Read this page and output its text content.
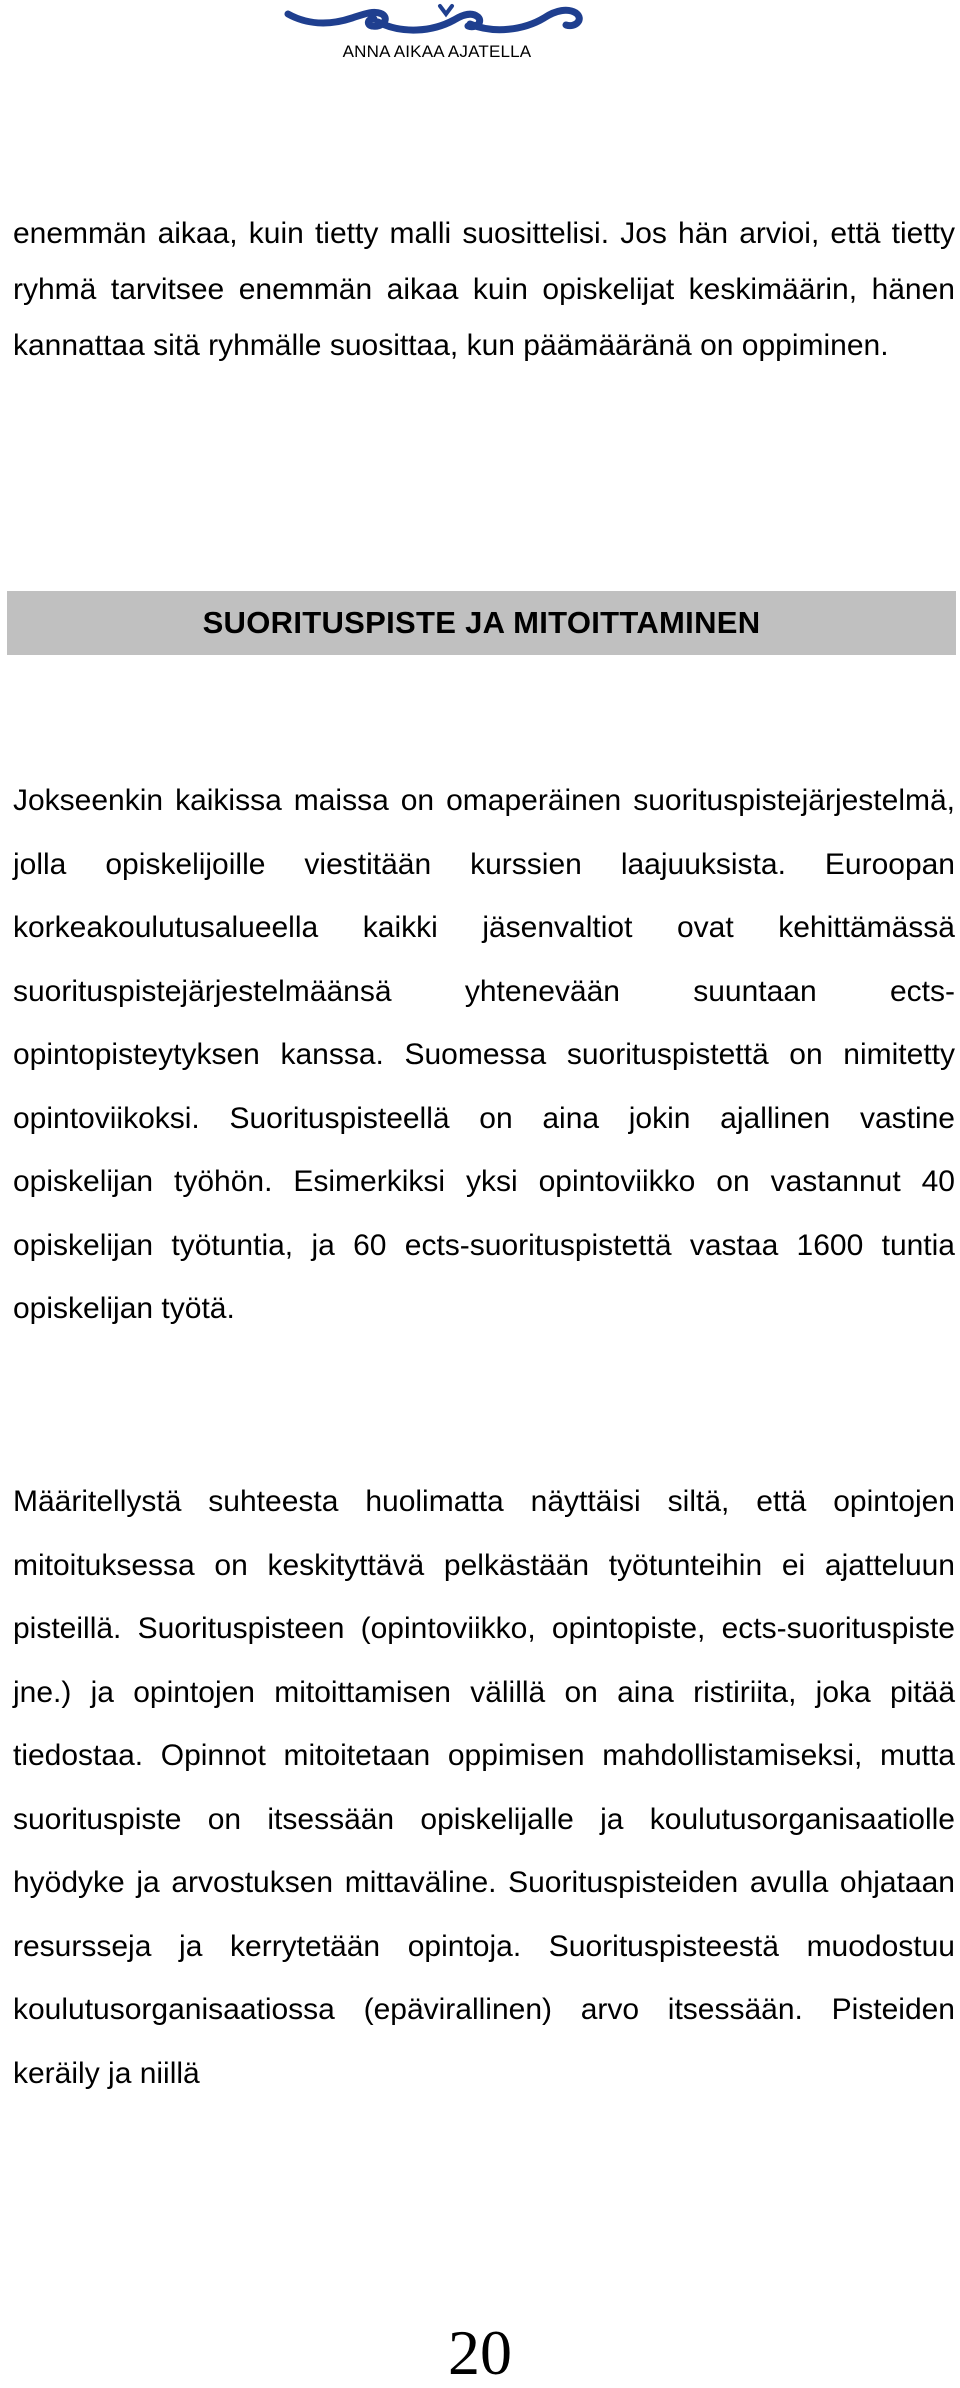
ANNA AIKAA AJATELLA

enemmän aikaa, kuin tietty malli suosittelisi. Jos hän arvioi, että tietty ryhmä tarvitsee enemmän aikaa kuin opiskelijat keskimäärin, hänen kannattaa sitä ryhmälle suosittaa, kun päämääränä on oppiminen.

SUORITUSPISTE JA MITOITTAMINEN

Jokseenkin kaikissa maissa on omaperäinen suorituspistejärjestelmä, jolla opiskelijoille viestitään kurssien laajuuksista. Euroopan korkeakoulutusalueella kaikki jäsenvaltiot ovat kehittämässä suorituspistejärjestelmäänsä yhtenevään suuntaan ects-opintopisteytyksen kanssa. Suomessa suorituspistettä on nimitetty opintoviikoksi. Suorituspisteellä on aina jokin ajallinen vastine opiskelijan työhön. Esimerkiksi yksi opintoviikko on vastannut 40 opiskelijan työtuntia, ja 60 ects-suorituspistettä vastaa 1600 tuntia opiskelijan työtä.

Määritellystä suhteesta huolimatta näyttäisi siltä, että opintojen mitoituksessa on keskityttävä pelkästään työtunteihin ei ajatteluun pisteillä. Suorituspisteen (opintoviikko, opintopiste, ects-suorituspiste jne.) ja opintojen mitoittamisen välillä on aina ristiriita, joka pitää tiedostaa. Opinnot mitoitetaan oppimisen mahdollistamiseksi, mutta suorituspiste on itsessään opiskelijalle ja koulutusorganisaatiolle hyödyke ja arvostuksen mittaväline. Suorituspisteiden avulla ohjataan resursseja ja kerrytetään opintoja. Suorituspisteestä muodostuu koulutusorganisaatiossa (epävirallinen) arvo itsessään. Pisteiden keräily ja niillä

20
